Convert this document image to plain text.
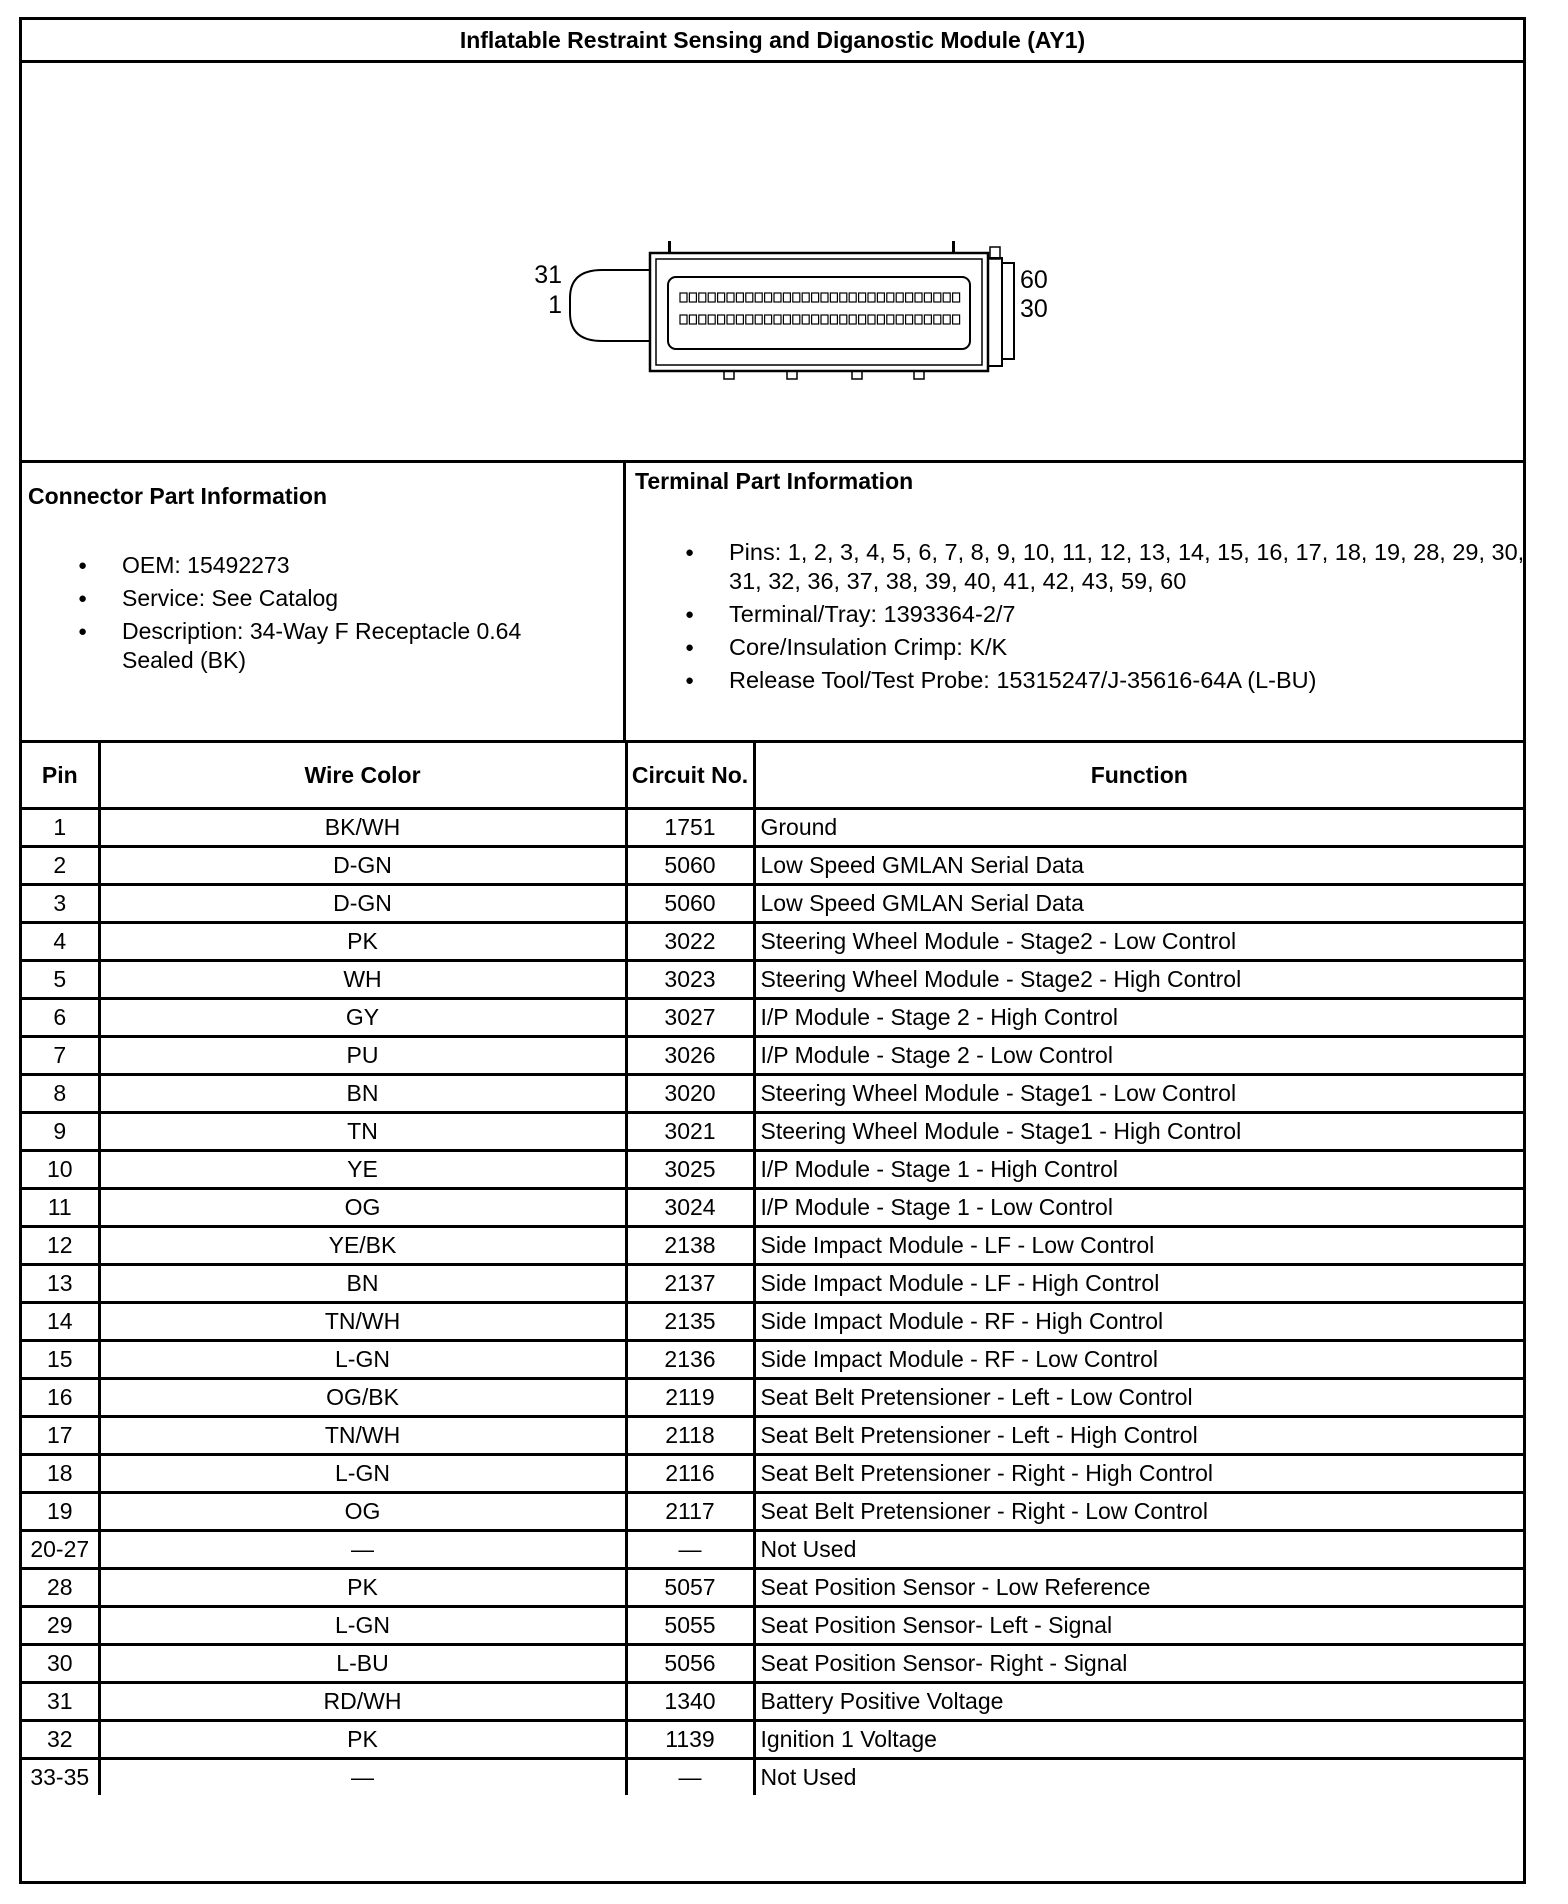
Inflatable Restraint Sensing and Diganostic Module (AY1)
31
1
60
30
Connector Part Information
● OEM: 15492273
● Service: See Catalog
● Description: 34-Way F Receptacle 0.64 Sealed (BK)
Terminal Part Information
● Pins: 1, 2, 3, 4, 5, 6, 7, 8, 9, 10, 11, 12, 13, 14, 15, 16, 17, 18, 19, 28, 29, 30, 31, 32, 36, 37, 38, 39, 40, 41, 42, 43, 59, 60
● Terminal/Tray: 1393364-2/7
● Core/Insulation Crimp: K/K
● Release Tool/Test Probe: 15315247/J-35616-64A (L-BU)
Pin	Wire Color	Circuit No.	Function
1	BK/WH	1751	Ground
2	D-GN	5060	Low Speed GMLAN Serial Data
3	D-GN	5060	Low Speed GMLAN Serial Data
4	PK	3022	Steering Wheel Module - Stage2 - Low Control
5	WH	3023	Steering Wheel Module - Stage2 - High Control
6	GY	3027	I/P Module - Stage 2 - High Control
7	PU	3026	I/P Module - Stage 2 - Low Control
8	BN	3020	Steering Wheel Module - Stage1 - Low Control
9	TN	3021	Steering Wheel Module - Stage1 - High Control
10	YE	3025	I/P Module - Stage 1 - High Control
11	OG	3024	I/P Module - Stage 1 - Low Control
12	YE/BK	2138	Side Impact Module - LF - Low Control
13	BN	2137	Side Impact Module - LF - High Control
14	TN/WH	2135	Side Impact Module - RF - High Control
15	L-GN	2136	Side Impact Module - RF - Low Control
16	OG/BK	2119	Seat Belt Pretensioner - Left - Low Control
17	TN/WH	2118	Seat Belt Pretensioner - Left - High Control
18	L-GN	2116	Seat Belt Pretensioner - Right - High Control
19	OG	2117	Seat Belt Pretensioner - Right - Low Control
20-27	—	—	Not Used
28	PK	5057	Seat Position Sensor - Low Reference
29	L-GN	5055	Seat Position Sensor- Left - Signal
30	L-BU	5056	Seat Position Sensor- Right - Signal
31	RD/WH	1340	Battery Positive Voltage
32	PK	1139	Ignition 1 Voltage
33-35	—	—	Not Used
